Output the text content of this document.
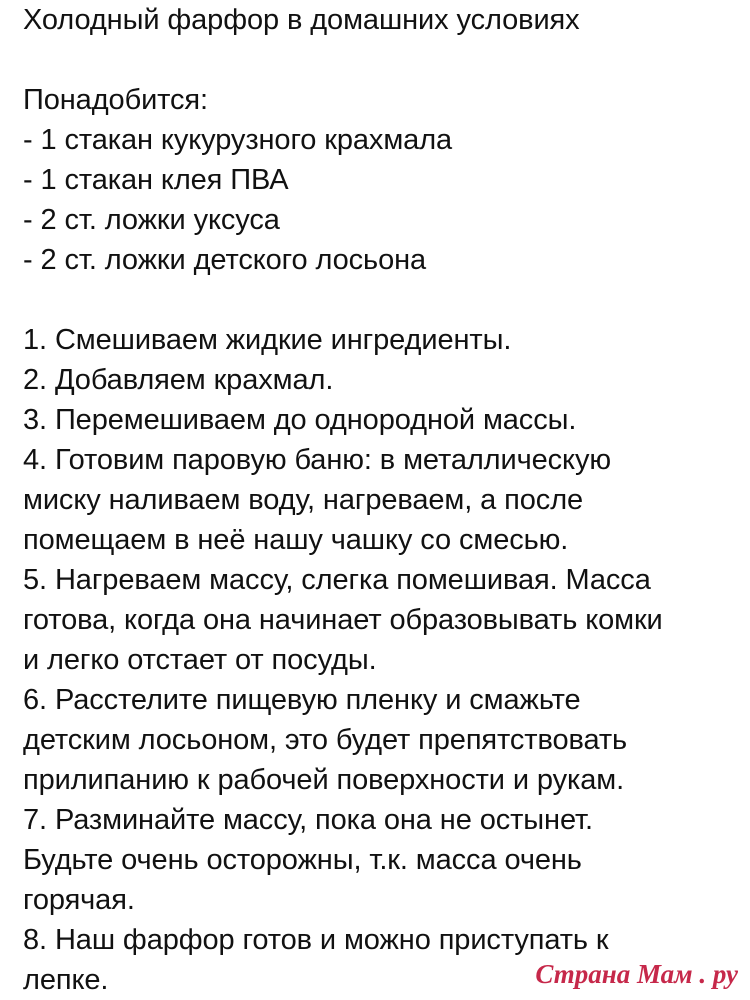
Холодный фарфор в домашних условиях
Понадобится:
- 1 стакан кукурузного крахмала
- 1 стакан клея ПВА
- 2 ст. ложки уксуса
- 2 ст. ложки детского лосьона
1. Смешиваем жидкие ингредиенты.
2. Добавляем крахмал.
3. Перемешиваем до однородной массы.
4. Готовим паровую баню: в металлическую
миску наливаем воду, нагреваем, а после
помещаем в неё нашу чашку со смесью.
5. Нагреваем массу, слегка помешивая. Масса
готова, когда она начинает образовывать комки
и легко отстает от посуды.
6. Расстелите пищевую пленку и смажьте
детским лосьоном, это будет препятствовать
прилипанию к рабочей поверхности и рукам.
7. Разминайте массу, пока она не остынет.
Будьте очень осторожны, т.к. масса очень
горячая.
8. Наш фарфор готов и можно приступать к
лепке.	Страна Мам . ру
